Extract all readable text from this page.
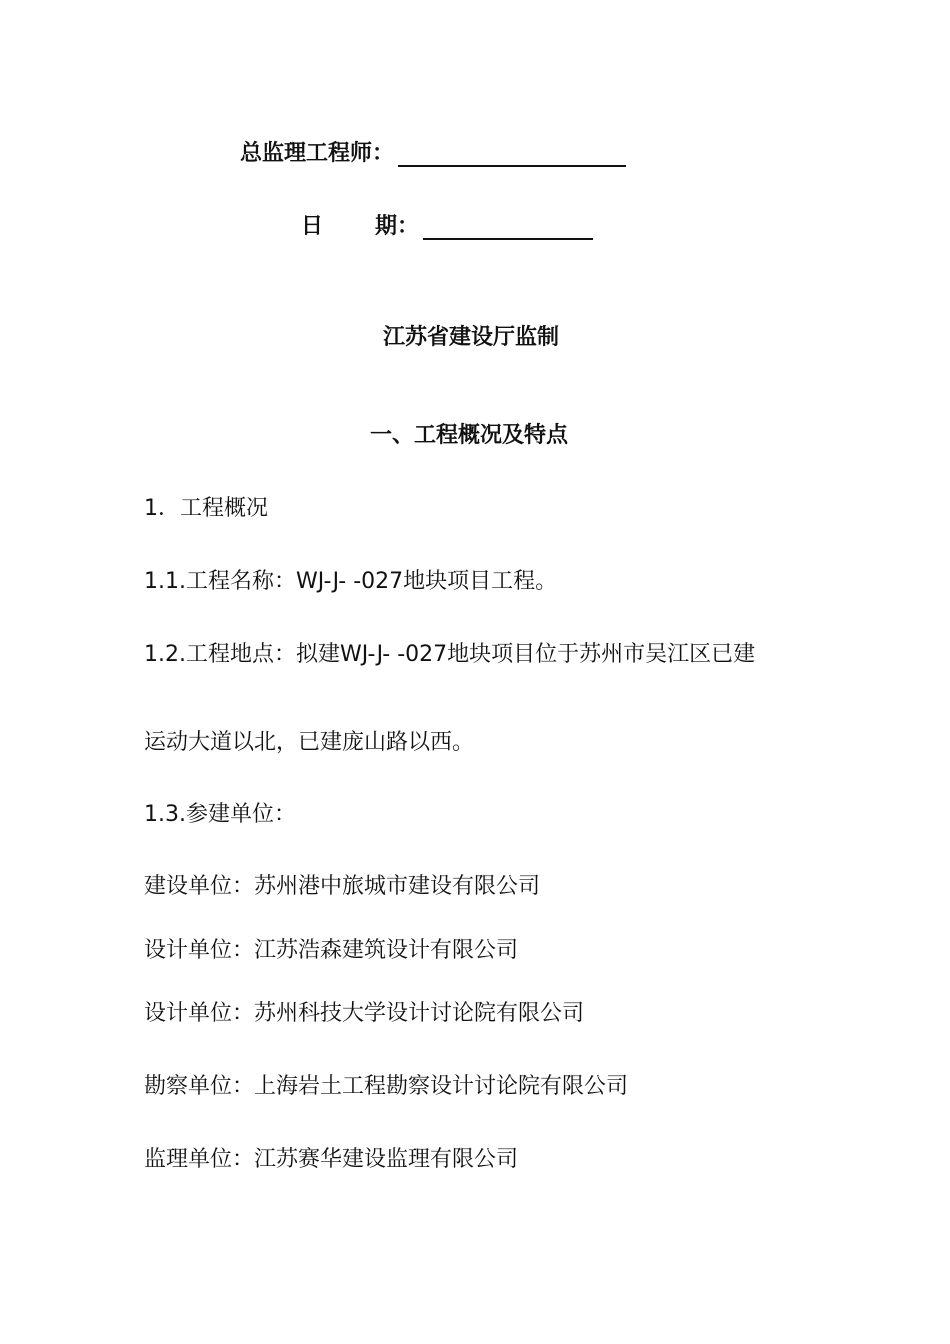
总监理工程师：
日 期：
江苏省建设厅监制
一、工程概况及特点
1．工程概况
1.1.工程名称：WJ-J- -027地块项目工程。
1.2.工程地点：拟建WJ-J- -027地块项目位于苏州市吴江区已建
运动大道以北，已建庞山路以西。
1.3.参建单位：
建设单位：苏州港中旅城市建设有限公司
设计单位：江苏浩森建筑设计有限公司
设计单位：苏州科技大学设计讨论院有限公司
勘察单位：上海岩土工程勘察设计讨论院有限公司
监理单位：江苏赛华建设监理有限公司
